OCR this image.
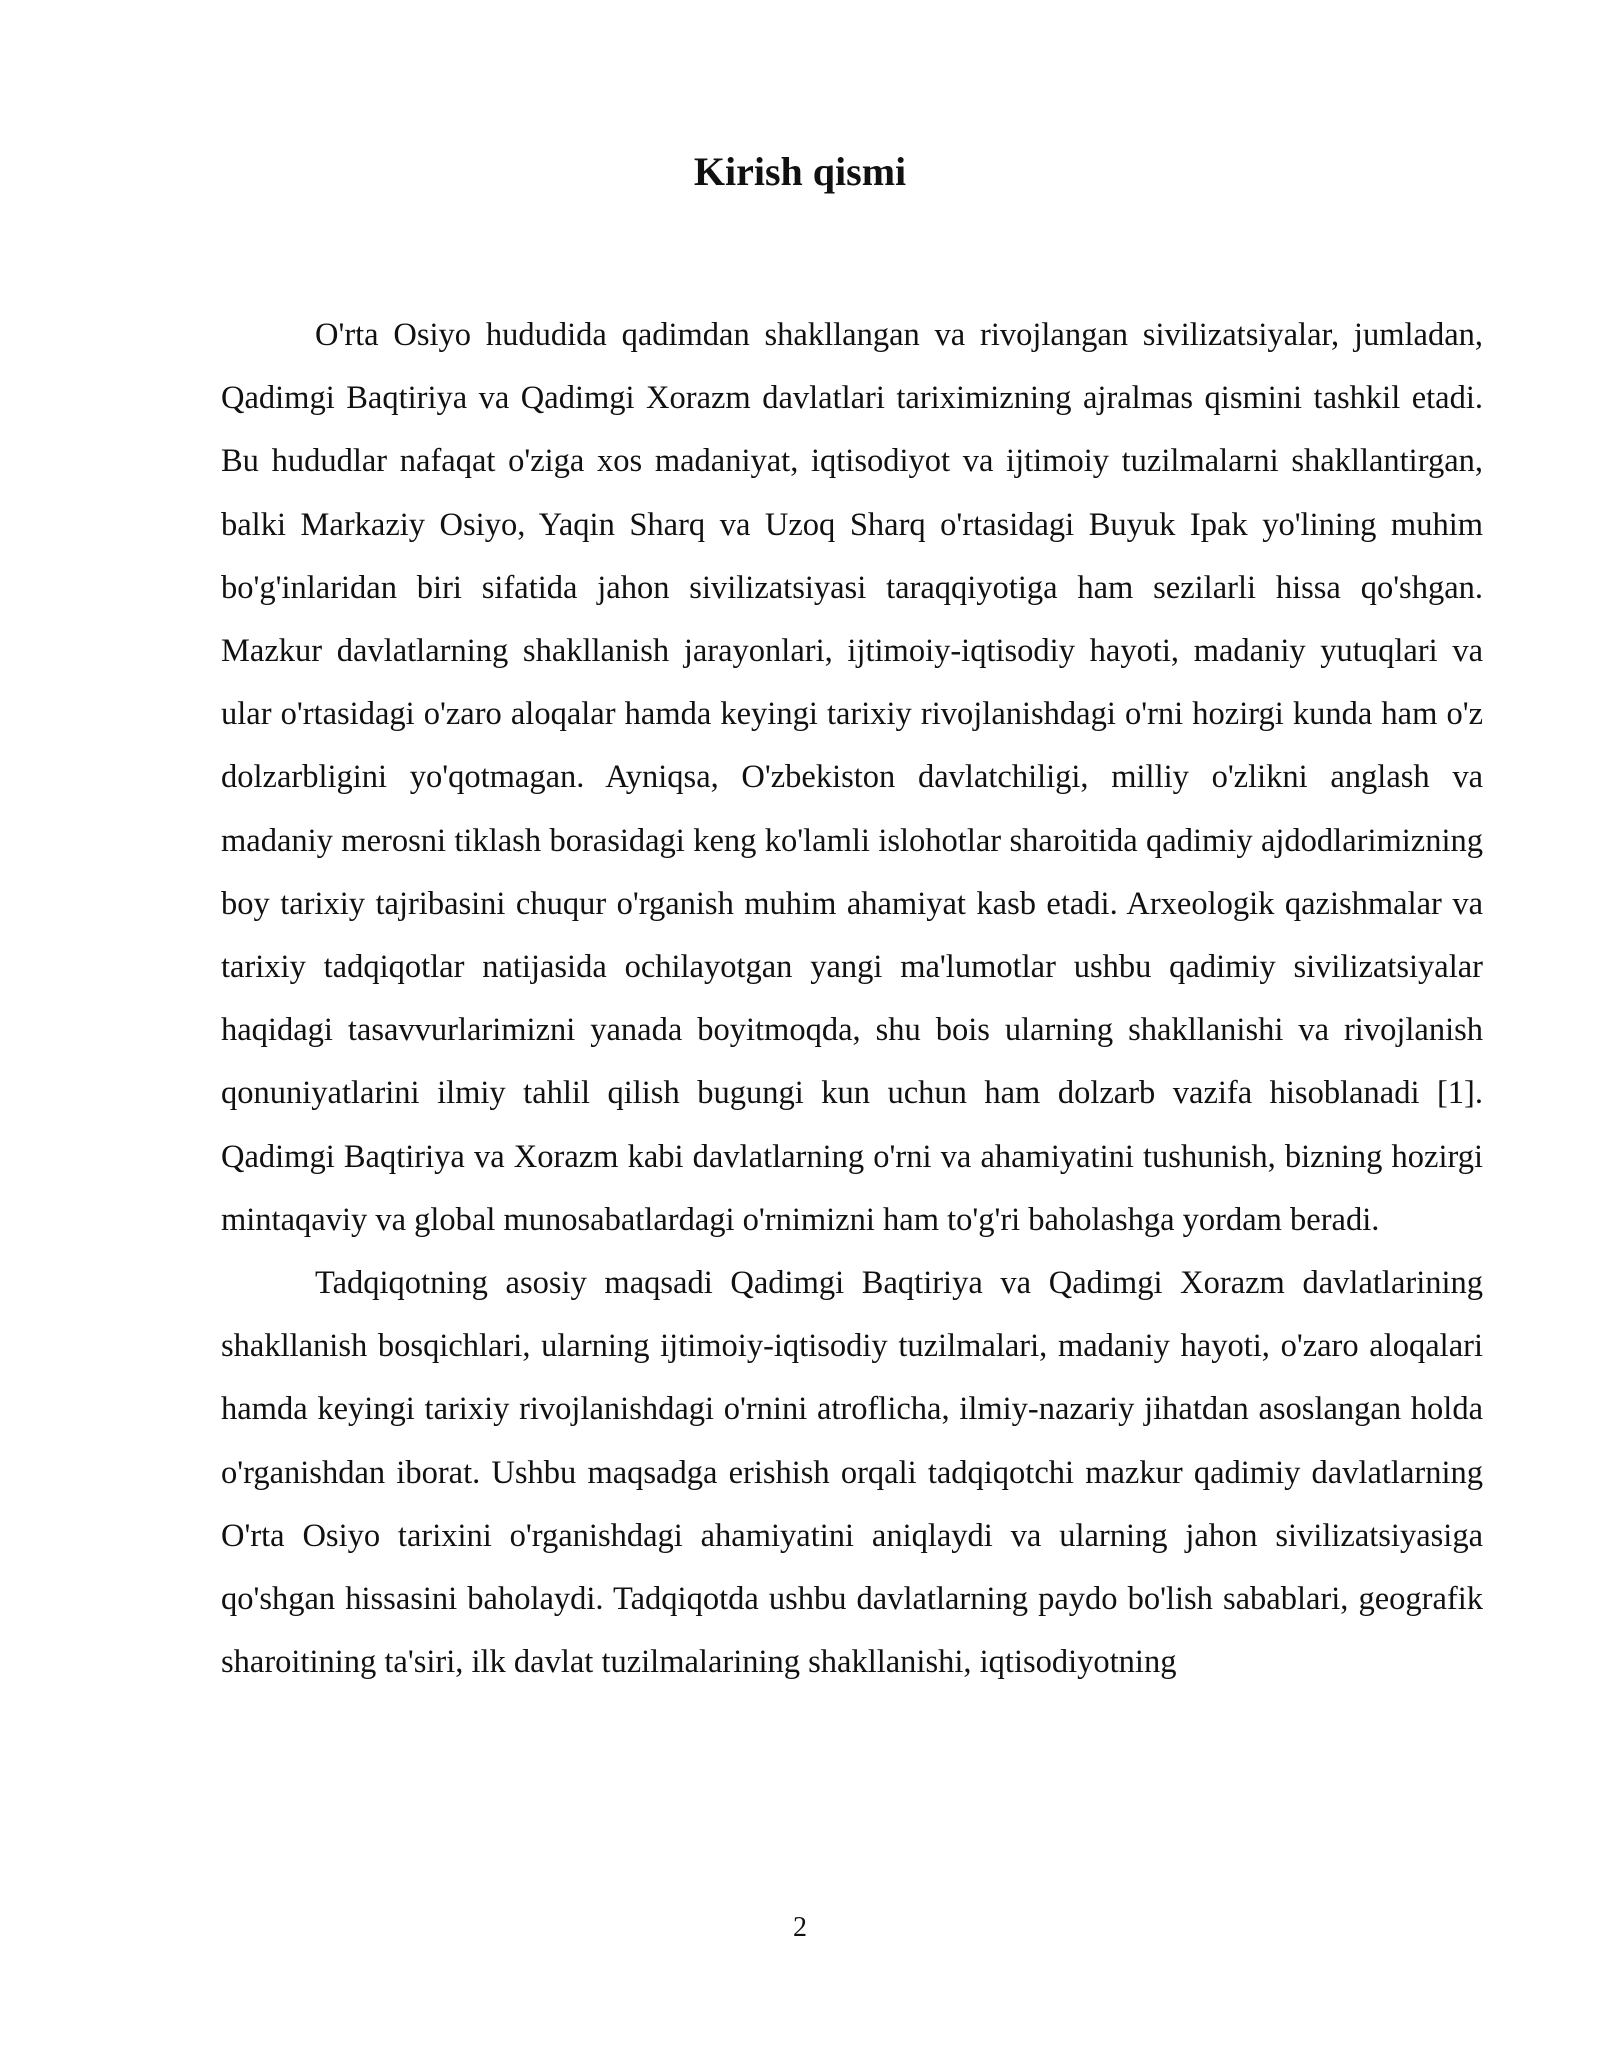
Kirish qismi

O'rta Osiyo hududida qadimdan shakllangan va rivojlangan sivilizatsiyalar, jumladan, Qadimgi Baqtiriya va Qadimgi Xorazm davlatlari tariximizning ajralmas qismini tashkil etadi. Bu hududlar nafaqat o'ziga xos madaniyat, iqtisodiyot va ijtimoiy tuzilmalarni shakllantirgan, balki Markaziy Osiyo, Yaqin Sharq va Uzoq Sharq o'rtasidagi Buyuk Ipak yo'lining muhim bo'g'inlaridan biri sifatida jahon sivilizatsiyasi taraqqiyotiga ham sezilarli hissa qo'shgan. Mazkur davlatlarning shakllanish jarayonlari, ijtimoiy-iqtisodiy hayoti, madaniy yutuqlari va ular o'rtasidagi o'zaro aloqalar hamda keyingi tarixiy rivojlanishdagi o'rni hozirgi kunda ham o'z dolzarbligini yo'qotmagan. Ayniqsa, O'zbekiston davlatchiligi, milliy o'zlikni anglash va madaniy merosni tiklash borasidagi keng ko'lamli islohotlar sharoitida qadimiy ajdodlarimizning boy tarixiy tajribasini chuqur o'rganish muhim ahamiyat kasb etadi. Arxeologik qazishmalar va tarixiy tadqiqotlar natijasida ochilayotgan yangi ma'lumotlar ushbu qadimiy sivilizatsiyalar haqidagi tasavvurlarimizni yanada boyitmoqda, shu bois ularning shakllanishi va rivojlanish qonuniyatlarini ilmiy tahlil qilish bugungi kun uchun ham dolzarb vazifa hisoblanadi [1]. Qadimgi Baqtiriya va Xorazm kabi davlatlarning o'rni va ahamiyatini tushunish, bizning hozirgi mintaqaviy va global munosabatlardagi o'rnimizni ham to'g'ri baholashga yordam beradi.

Tadqiqotning asosiy maqsadi Qadimgi Baqtiriya va Qadimgi Xorazm davlatlarining shakllanish bosqichlari, ularning ijtimoiy-iqtisodiy tuzilmalari, madaniy hayoti, o'zaro aloqalari hamda keyingi tarixiy rivojlanishdagi o'rnini atroflicha, ilmiy-nazariy jihatdan asoslangan holda o'rganishdan iborat. Ushbu maqsadga erishish orqali tadqiqotchi mazkur qadimiy davlatlarning O'rta Osiyo tarixini o'rganishdagi ahamiyatini aniqlaydi va ularning jahon sivilizatsiyasiga qo'shgan hissasini baholaydi. Tadqiqotda ushbu davlatlarning paydo bo'lish sabablari, geografik sharoitining ta'siri, ilk davlat tuzilmalarining shakllanishi, iqtisodiyotning

2
